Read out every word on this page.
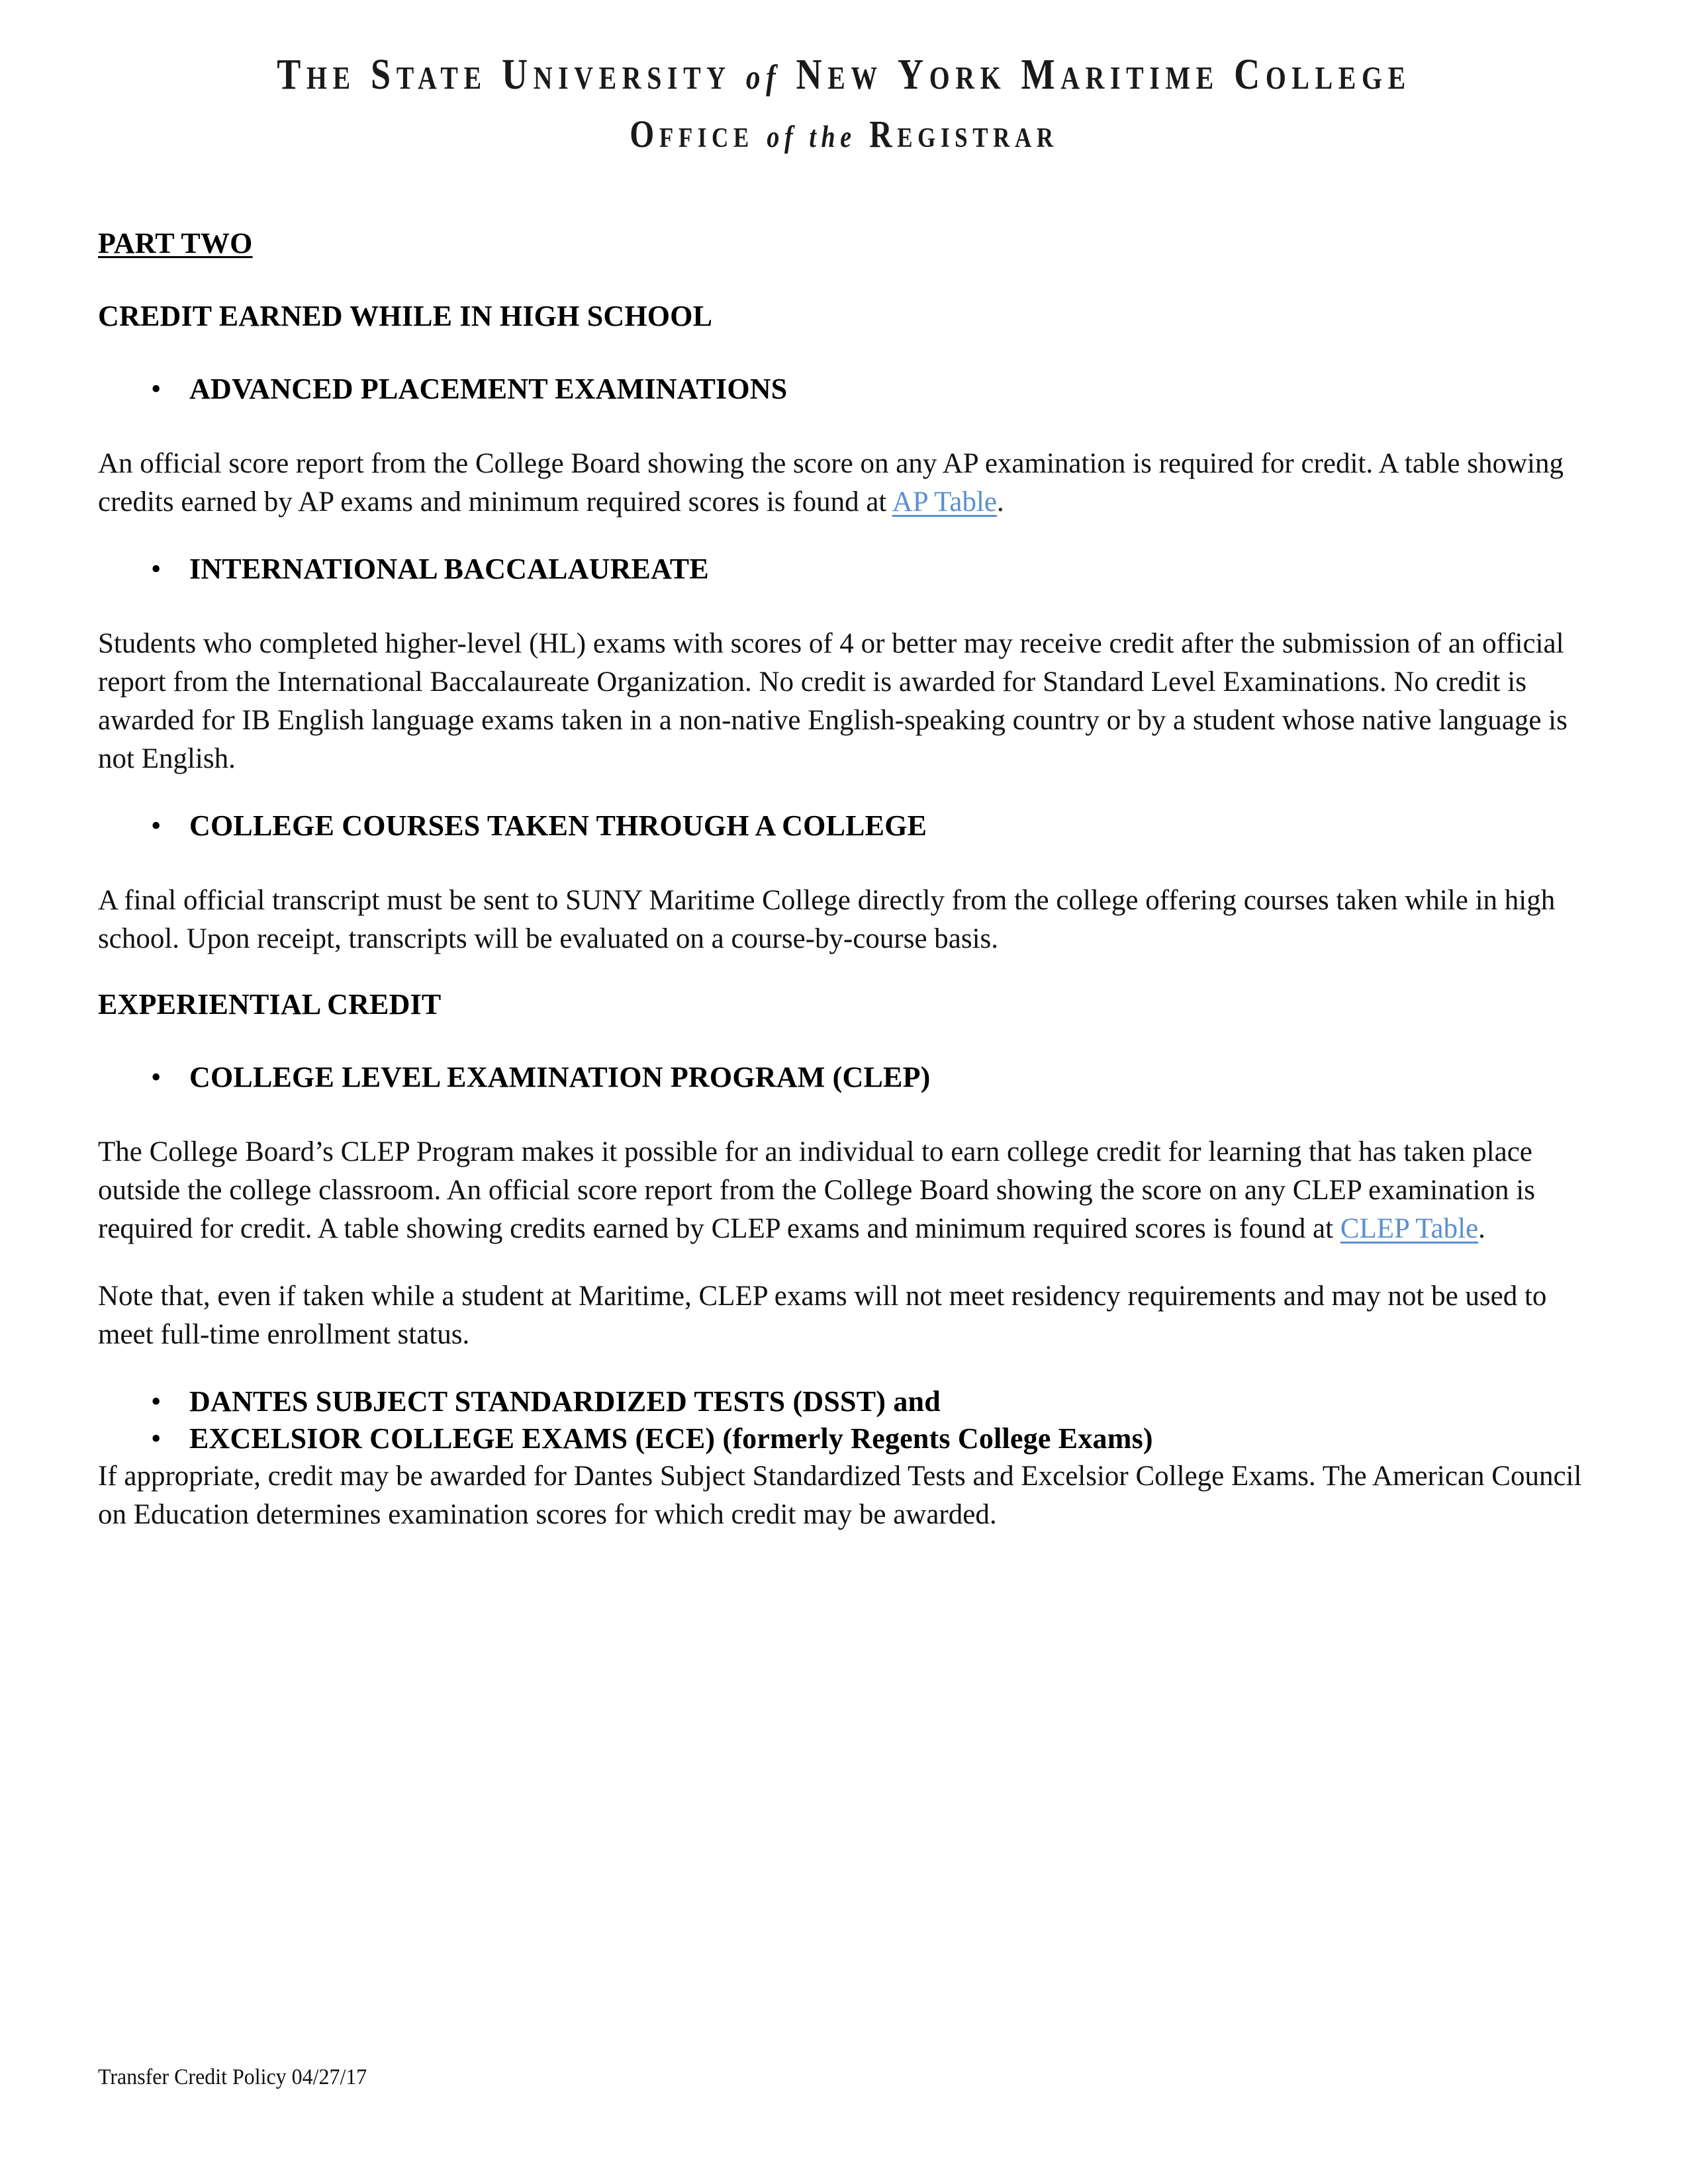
THE STATE UNIVERSITY of NEW YORK MARITIME COLLEGE
OFFICE of the REGISTRAR
PART TWO
CREDIT EARNED WHILE IN HIGH SCHOOL
• ADVANCED PLACEMENT EXAMINATIONS

An official score report from the College Board showing the score on any AP examination is required for credit. A table showing credits earned by AP exams and minimum required scores is found at AP Table.

• INTERNATIONAL BACCALAUREATE

Students who completed higher-level (HL) exams with scores of 4 or better may receive credit after the submission of an official report from the International Baccalaureate Organization. No credit is awarded for Standard Level Examinations. No credit is awarded for IB English language exams taken in a non-native English-speaking country or by a student whose native language is not English.

• COLLEGE COURSES TAKEN THROUGH A COLLEGE

A final official transcript must be sent to SUNY Maritime College directly from the college offering courses taken while in high school. Upon receipt, transcripts will be evaluated on a course-by-course basis.

EXPERIENTIAL CREDIT
• COLLEGE LEVEL EXAMINATION PROGRAM (CLEP)

The College Board’s CLEP Program makes it possible for an individual to earn college credit for learning that has taken place outside the college classroom. An official score report from the College Board showing the score on any CLEP examination is required for credit. A table showing credits earned by CLEP exams and minimum required scores is found at CLEP Table.

Note that, even if taken while a student at Maritime, CLEP exams will not meet residency requirements and may not be used to meet full-time enrollment status.

• DANTES SUBJECT STANDARDIZED TESTS (DSST) and
• EXCELSIOR COLLEGE EXAMS (ECE) (formerly Regents College Exams)

If appropriate, credit may be awarded for Dantes Subject Standardized Tests and Excelsior College Exams. The American Council on Education determines examination scores for which credit may be awarded.

Transfer Credit Policy 04/27/17
